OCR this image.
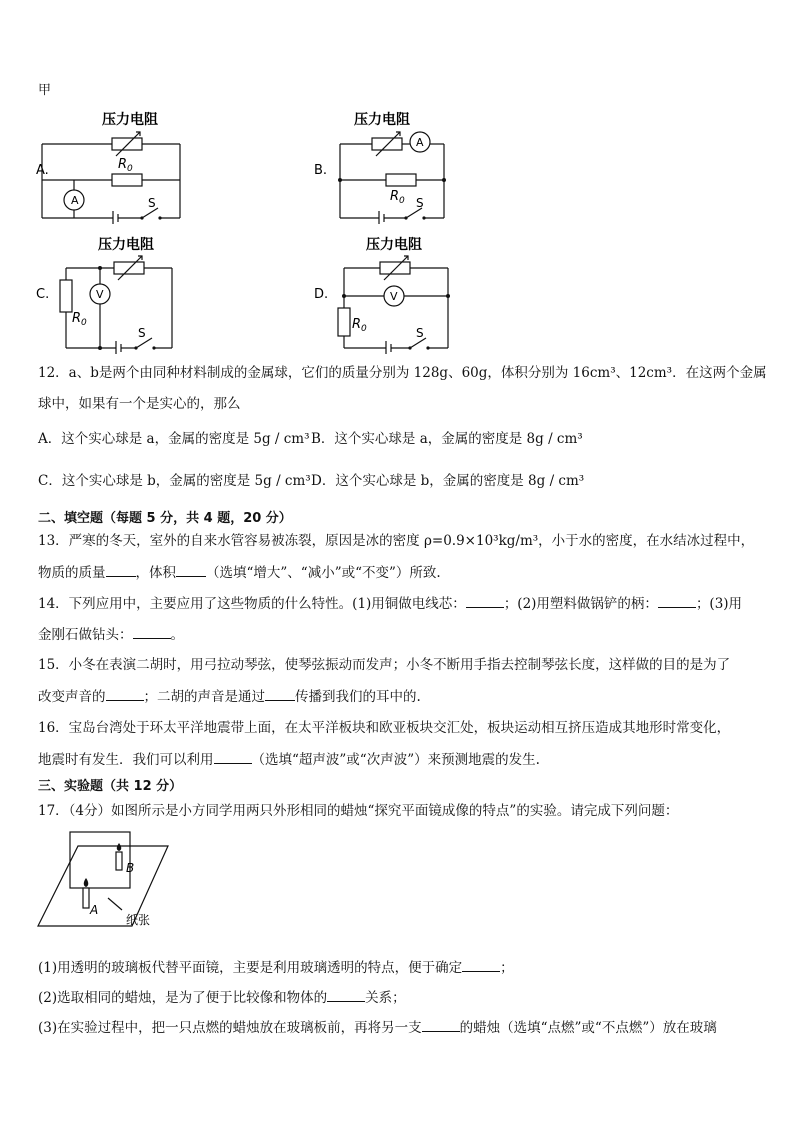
甲
A.
压力电阻
A
$R_0$
S
B.
压力电阻
A
$R_0$ S
C.
压力电阻
V
$R_0$
S
D.
压力电阻
V
$R_0$	S
12．a、b是两个由同种材料制成的金属球，它们的质量分别为 128g、60g，体积分别为 16cm³、12cm³．在这两个金属
球中，如果有一个是实心的，那么
A．这个实心球是 a，金属的密度是 5g / cm³ B．这个实心球是 a，金属的密度是 8g / cm³
C．这个实心球是 b，金属的密度是 5g / cm³ D．这个实心球是 b，金属的密度是 8g / cm³
二、填空题（每题 5 分，共 4 题，20 分）
13．严寒的冬天，室外的自来水管容易被冻裂，原因是冰的密度 ρ=0.9×10³kg/m³，小于水的密度，在水结冰过程中，
物质的质量 ，体积 （选填“增大”、“减小”或“不变”）所致.
14．下列应用中，主要应用了这些物质的什么特性。(1)用铜做电线芯：	；(2)用塑料做锅铲的柄：	；(3)用
金刚石做钻头：	。
15．小冬在表演二胡时，用弓拉动琴弦，使琴弦振动而发声；小冬不断用手指去控制琴弦长度，这样做的目的是为了
改变声音的	；二胡的声音是通过 传播到我们的耳中的.
16．宝岛台湾处于环太平洋地震带上面，在太平洋板块和欧亚板块交汇处，板块运动相互挤压造成其地形时常变化，
地震时有发生．我们可以利用	（选填“超声波”或“次声波”）来预测地震的发生.
三、实验题（共 12 分）
17．（4分）如图所示是小方同学用两只外形相同的蜡烛“探究平面镜成像的特点”的实验。请完成下列问题：
B
A
纸张
(1)用透明的玻璃板代替平面镜，主要是利用玻璃透明的特点，便于确定	；
(2)选取相同的蜡烛，是为了便于比较像和物体的	关系；
(3)在实验过程中，把一只点燃的蜡烛放在玻璃板前，再将另一支	的蜡烛（选填“点燃”或“不点燃”）放在玻璃
